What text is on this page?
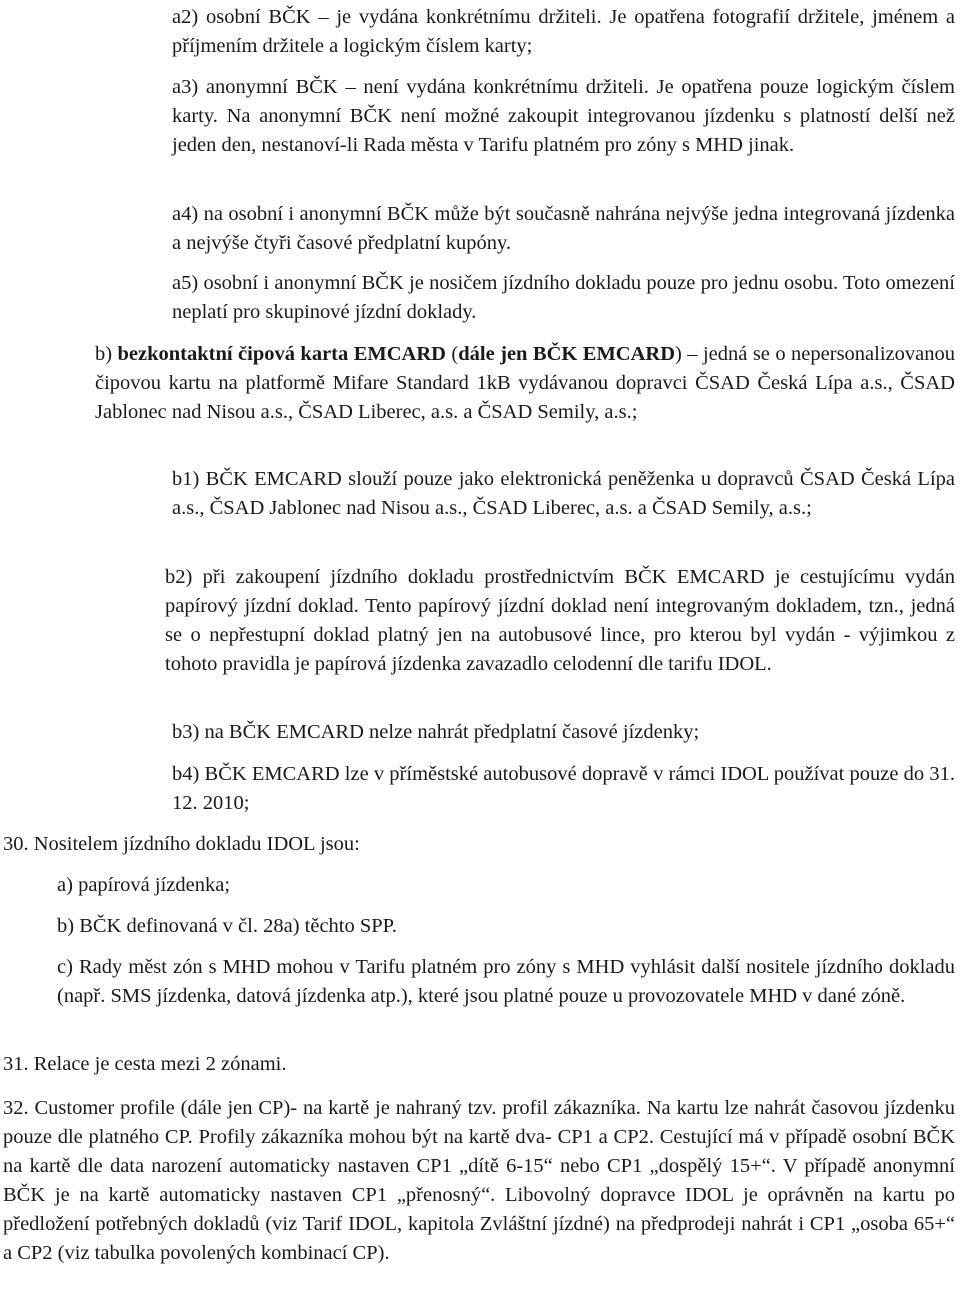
a2) osobní BČK – je vydána konkrétnímu držiteli. Je opatřena fotografií držitele, jménem a příjmením držitele a logickým číslem karty;

a3) anonymní BČK – není vydána konkrétnímu držiteli. Je opatřena pouze logickým číslem karty. Na anonymní BČK není možné zakoupit integrovanou jízdenku s platností delší než jeden den, nestanoví-li Rada města v Tarifu platném pro zóny s MHD jinak.

a4) na osobní i anonymní BČK může být současně nahrána nejvýše jedna integrovaná jízdenka a nejvýše čtyři časové předplatní kupóny.

a5) osobní i anonymní BČK je nosičem jízdního dokladu pouze pro jednu osobu. Toto omezení neplatí pro skupinové jízdní doklady.

b) bezkontaktní čipová karta EMCARD (dále jen BČK EMCARD) – jedná se o nepersonalizovanou čipovou kartu na platformě Mifare Standard 1kB vydávanou dopravci ČSAD Česká Lípa a.s., ČSAD Jablonec nad Nisou a.s., ČSAD Liberec, a.s. a ČSAD Semily, a.s.;

b1) BČK EMCARD slouží pouze jako elektronická peněženka u dopravců ČSAD Česká Lípa a.s., ČSAD Jablonec nad Nisou a.s., ČSAD Liberec, a.s. a ČSAD Semily, a.s.;

b2) při zakoupení jízdního dokladu prostřednictvím BČK EMCARD je cestujícímu vydán papírový jízdní doklad. Tento papírový jízdní doklad není integrovaným dokladem, tzn., jedná se o nepřestupní doklad platný jen na autobusové lince, pro kterou byl vydán - výjimkou z tohoto pravidla je papírová jízdenka zavazadlo celodenní dle tarifu IDOL.

b3) na BČK EMCARD nelze nahrát předplatní časové jízdenky;

b4) BČK EMCARD lze v příměstské autobusové dopravě v rámci IDOL používat pouze do 31. 12. 2010;

30. Nositelem jízdního dokladu IDOL jsou:

a) papírová jízdenka;

b) BČK definovaná v čl. 28a) těchto SPP.

c) Rady měst zón s MHD mohou v Tarifu platném pro zóny s MHD vyhlásit další nositele jízdního dokladu (např. SMS jízdenka, datová jízdenka atp.), které jsou platné pouze u provozovatele MHD v dané zóně.

31. Relace je cesta mezi 2 zónami.

32. Customer profile (dále jen CP)- na kartě je nahraný tzv. profil zákazníka. Na kartu lze nahrát časovou jízdenku pouze dle platného CP. Profily zákazníka mohou být na kartě dva- CP1 a CP2. Cestující má v případě osobní BČK na kartě dle data narození automaticky nastaven CP1 „dítě 6-15“ nebo CP1 „dospělý 15+“. V případě anonymní BČK je na kartě automaticky nastaven CP1 „přenosný“. Libovolný dopravce IDOL je oprávněn na kartu po předložení potřebných dokladů (viz Tarif IDOL, kapitola Zvláštní jízdné) na předprodeji nahrát i CP1 „osoba 65+“ a CP2 (viz tabulka povolených kombinací CP).
